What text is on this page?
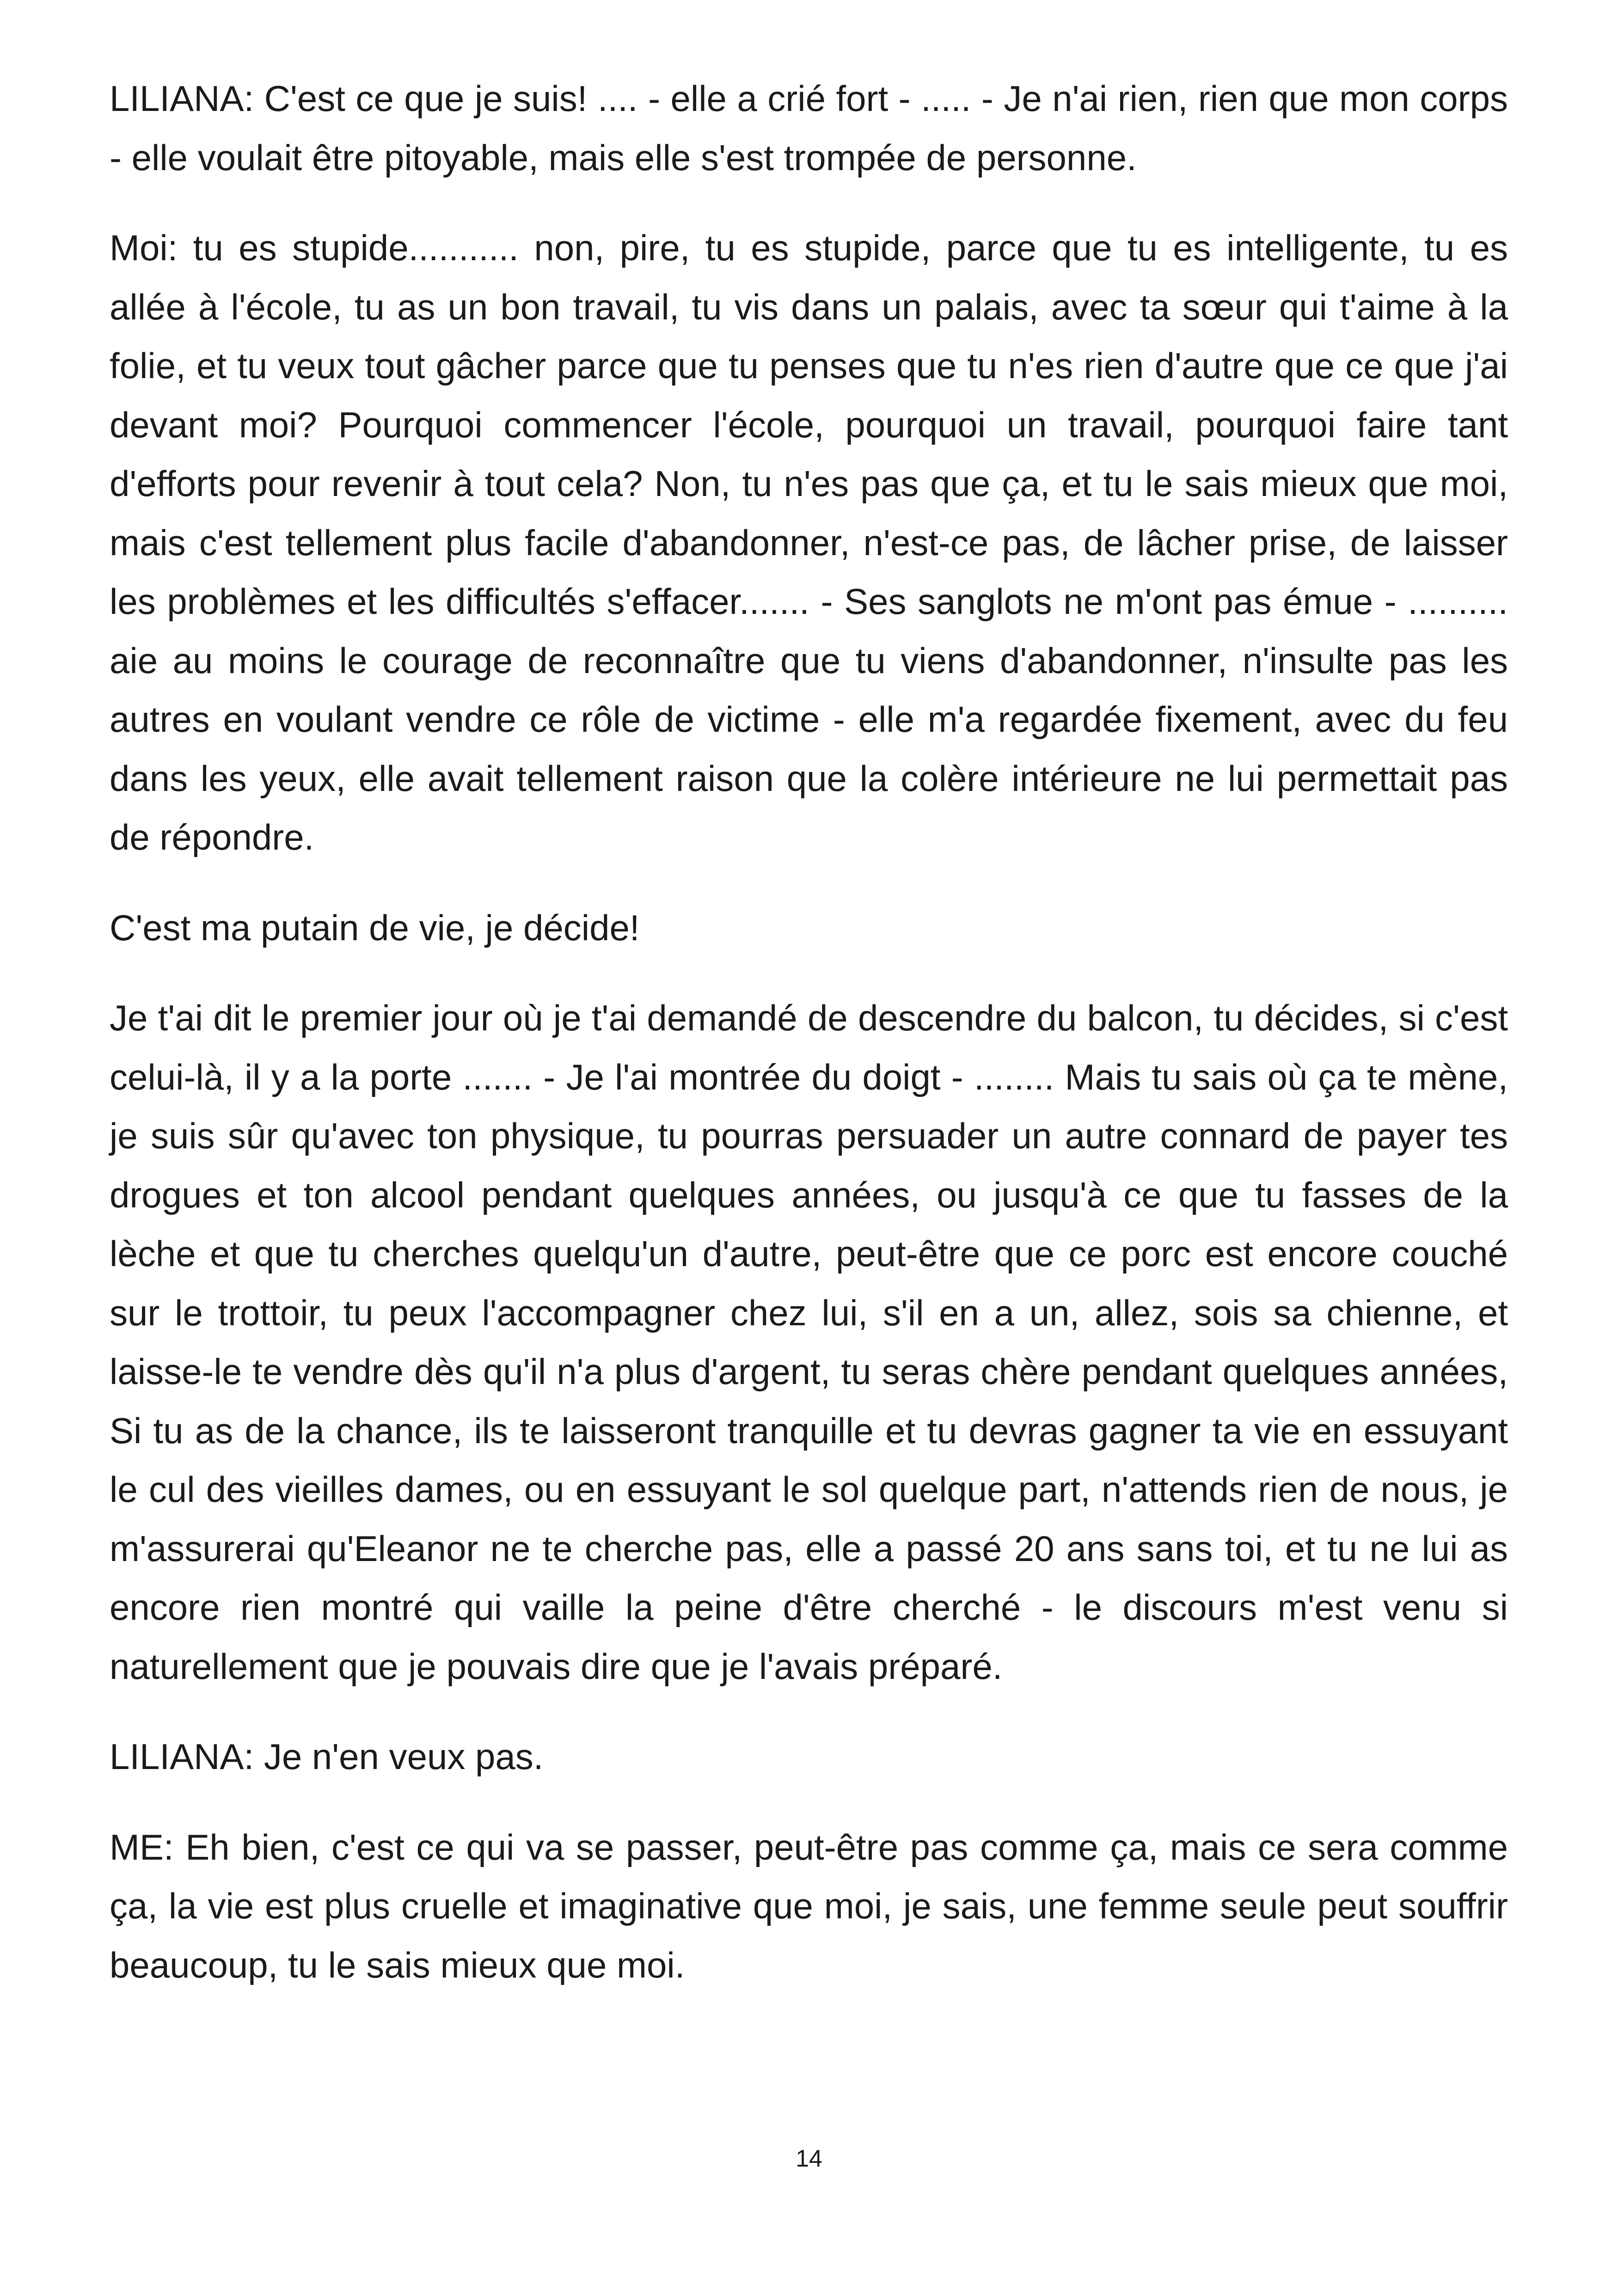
LILIANA: C'est ce que je suis! .... - elle a crié fort - ..... - Je n'ai rien, rien que mon corps - elle voulait être pitoyable, mais elle s'est trompée de personne.

Moi: tu es stupide........... non, pire, tu es stupide, parce que tu es intelligente, tu es allée à l'école, tu as un bon travail, tu vis dans un palais, avec ta sœur qui t'aime à la folie, et tu veux tout gâcher parce que tu penses que tu n'es rien d'autre que ce que j'ai devant moi? Pourquoi commencer l'école, pourquoi un travail, pourquoi faire tant d'efforts pour revenir à tout cela? Non, tu n'es pas que ça, et tu le sais mieux que moi, mais c'est tellement plus facile d'abandonner, n'est-ce pas, de lâcher prise, de laisser les problèmes et les difficultés s'effacer....... - Ses sanglots ne m'ont pas émue - .......... aie au moins le courage de reconnaître que tu viens d'abandonner, n'insulte pas les autres en voulant vendre ce rôle de victime - elle m'a regardée fixement, avec du feu dans les yeux, elle avait tellement raison que la colère intérieure ne lui permettait pas de répondre.

C'est ma putain de vie, je décide!

Je t'ai dit le premier jour où je t'ai demandé de descendre du balcon, tu décides, si c'est celui-là, il y a la porte ....... - Je l'ai montrée du doigt - ........ Mais tu sais où ça te mène, je suis sûr qu'avec ton physique, tu pourras persuader un autre connard de payer tes drogues et ton alcool pendant quelques années, ou jusqu'à ce que tu fasses de la lèche et que tu cherches quelqu'un d'autre, peut-être que ce porc est encore couché sur le trottoir, tu peux l'accompagner chez lui, s'il en a un, allez, sois sa chienne, et laisse-le te vendre dès qu'il n'a plus d'argent, tu seras chère pendant quelques années, Si tu as de la chance, ils te laisseront tranquille et tu devras gagner ta vie en essuyant le cul des vieilles dames, ou en essuyant le sol quelque part, n'attends rien de nous, je m'assurerai qu'Eleanor ne te cherche pas, elle a passé 20 ans sans toi, et tu ne lui as encore rien montré qui vaille la peine d'être cherché - le discours m'est venu si naturellement que je pouvais dire que je l'avais préparé.

LILIANA: Je n'en veux pas.

ME: Eh bien, c'est ce qui va se passer, peut-être pas comme ça, mais ce sera comme ça, la vie est plus cruelle et imaginative que moi, je sais, une femme seule peut souffrir beaucoup, tu le sais mieux que moi.

14
